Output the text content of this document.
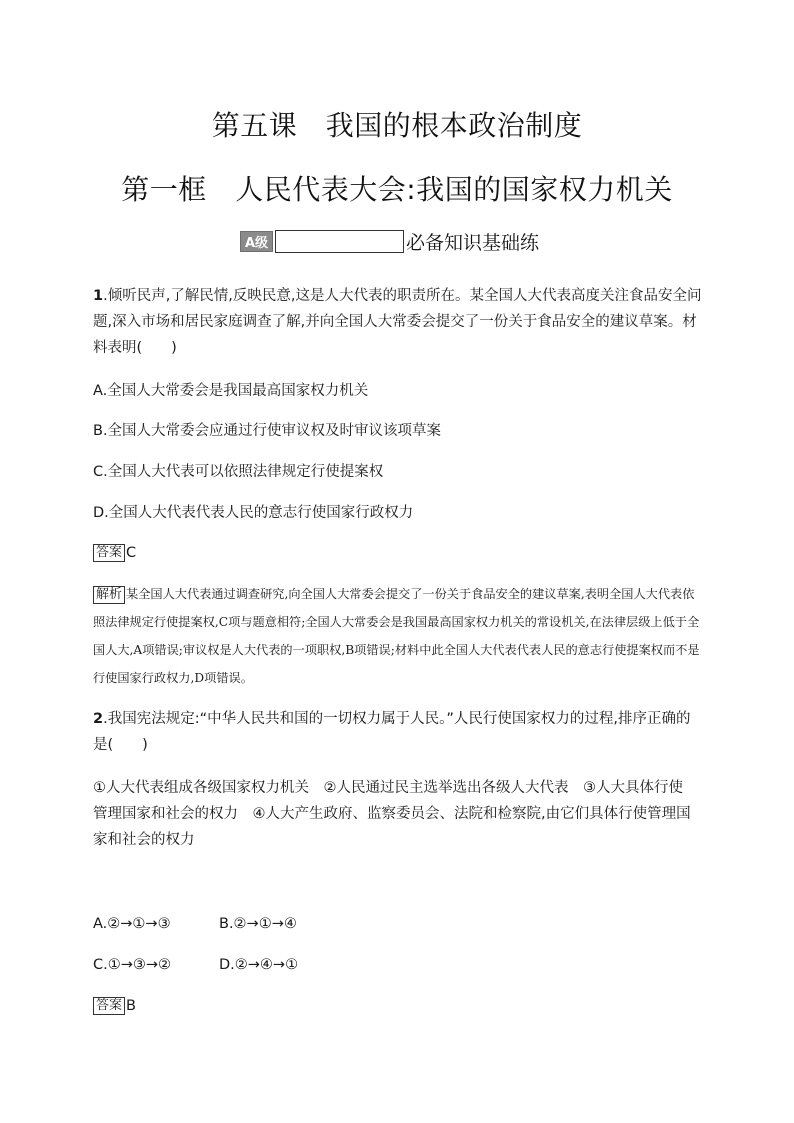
第五课　我国的根本政治制度
第一框　人民代表大会:我国的国家权力机关
A级	必备知识基础练
1.倾听民声,了解民情,反映民意,这是人大代表的职责所在。某全国人大代表高度关注食品安全问题,深入市场和居民家庭调查了解,并向全国人大常委会提交了一份关于食品安全的建议草案。材料表明(　　)
A.全国人大常委会是我国最高国家权力机关
B.全国人大常委会应通过行使审议权及时审议该项草案
C.全国人大代表可以依照法律规定行使提案权
D.全国人大代表代表人民的意志行使国家行政权力
答案 C
解析 某全国人大代表通过调查研究,向全国人大常委会提交了一份关于食品安全的建议草案,表明全国人大代表依照法律规定行使提案权,C项与题意相符;全国人大常委会是我国最高国家权力机关的常设机关,在法律层级上低于全国人大,A项错误;审议权是人大代表的一项职权,B项错误;材料中此全国人大代表代表人民的意志行使提案权而不是行使国家行政权力,D项错误。
2.我国宪法规定:“中华人民共和国的一切权力属于人民。”人民行使国家权力的过程,排序正确的是(　　)
①人大代表组成各级国家权力机关　②人民通过民主选举选出各级人大代表　③人大具体行使管理国家和社会的权力　④人大产生政府、监察委员会、法院和检察院,由它们具体行使管理国家和社会的权力
A.②→①→③	B.②→①→④
C.①→③→②	D.②→④→①
答案 B
